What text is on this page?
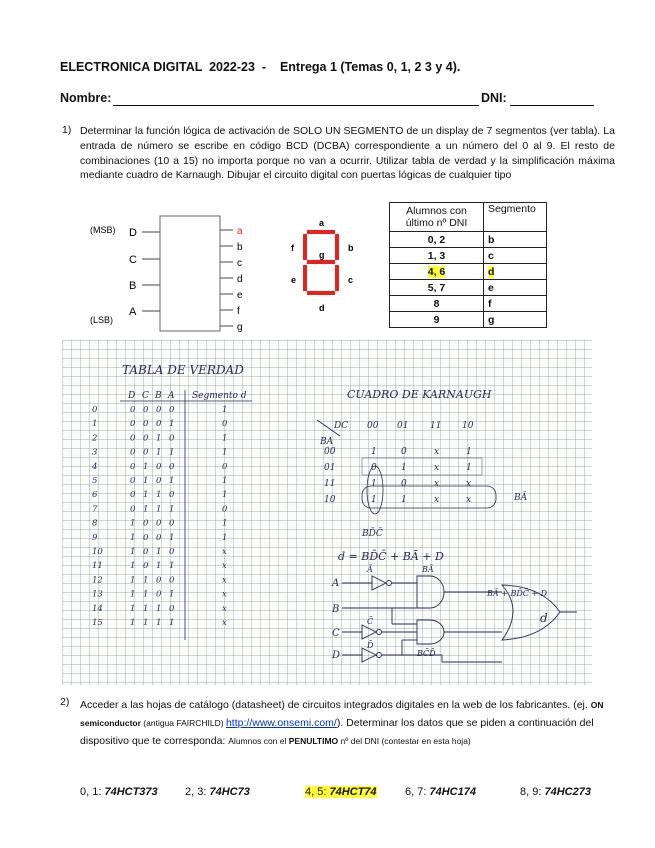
ELECTRONICA DIGITAL  2022-23  -    Entrega 1 (Temas 0, 1, 2 3 y 4).
Nombre:	DNI:
1) Determinar la función lógica de activación de SOLO UN SEGMENTO de un display de 7 segmentos (ver tabla). La entrada de número se escribe en código BCD (DCBA) correspondiente a un número del 0 al 9. El resto de combinaciones (10 a 15) no importa porque no van a ocurrir. Utilizar tabla de verdad y la simplificación máxima mediante cuadro de Karnaugh. Dibujar el circuito digital con puertas lógicas de cualquier tipo
(MSB)
(LSB)
D
C
B
A
a
b
c
d
e
f
g
a
b
c
d
e
f
g
Alumnos con último nº DNI	Segmento
0, 2	b
1, 3	c
4, 6	d
5, 7	e
8	f
9	g
TABLA DE VERDAD
D C B A Segmento d
0	0 0 0 0	1
1	0 0 0 1	0
2	0 0 1 0	1
3	0 0 1 1	1
4	0 1 0 0	0
5	0 1 0 1	1
6	0 1 1 0	1
7	0 1 1 1	0
8	1 0 0 0	1
9	1 0 0 1	1
10	1 0 1 0	x
11	1 0 1 1	x
12	1 1 0 0	x
13	1 1 0 1	x
14	1 1 1 0	x
15	1 1 1 1	x
CUADRO DE KARNAUGH
DC
BA
00 01 11 10
00	1	0	x	1
01	0	1	x	1
11	1	0	x	x
10	1	1	x	x
BD̄C̄
BĀ
d = BD̄C̄ + BĀ + D
A
B
C
D
Ā	BĀ
C̄
D̄
BC̄D̄
BĀ + BD̄C̄ + D
d
2) Acceder a las hojas de catálogo (datasheet) de circuitos integrados digitales en la web de los fabricantes. (ej. ON semiconductor (antigua FAIRCHILD) http://www.onsemi.com/). Determinar los datos que se piden a continuación del dispositivo que te corresponda: Alumnos con el PENULTIMO nº del DNI (contestar en esta hoja)
0, 1: 74HCT373 2, 3: 74HC73	4, 5: 74HCT74	6, 7: 74HC174	8, 9: 74HC273
